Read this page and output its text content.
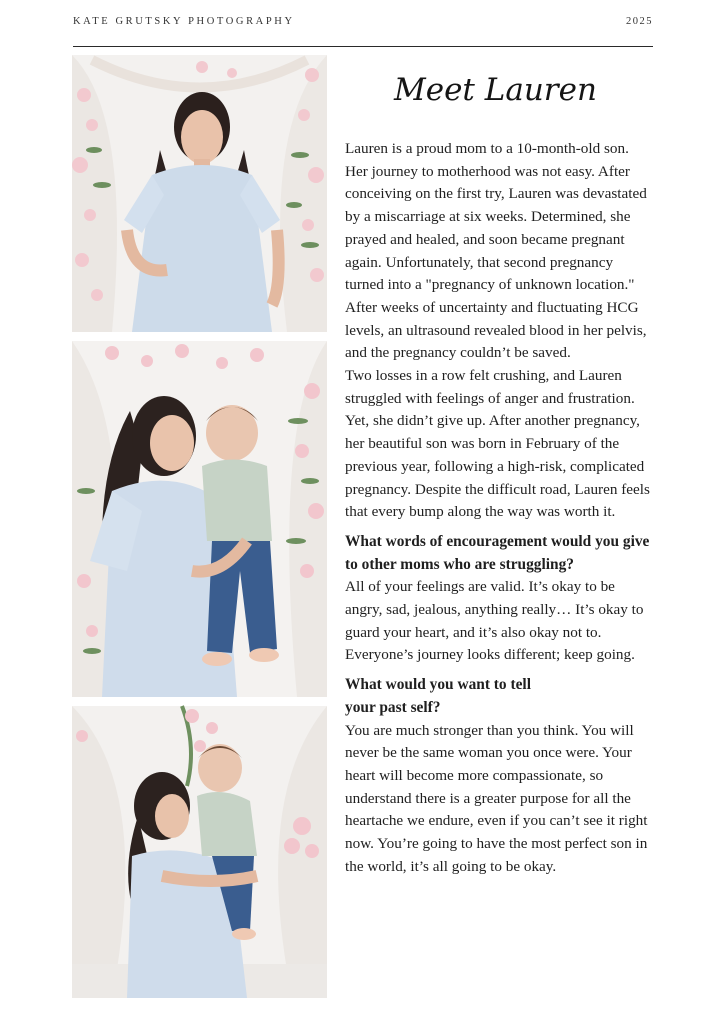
KATE GRUTSKY PHOTOGRAPHY	2025
Meet Lauren

Lauren is a proud mom to a 10-month-old son.

Her journey to motherhood was not easy. After conceiving on the first try, Lauren was devastated by a miscarriage at six weeks. Determined, she prayed and healed, and soon became pregnant again. Unfortunately, that second pregnancy turned into a "pregnancy of unknown location." After weeks of uncertainty and fluctuating HCG levels, an ultrasound revealed blood in her pelvis, and the pregnancy couldn’t be saved.

Two losses in a row felt crushing, and Lauren struggled with feelings of anger and frustration. Yet, she didn’t give up. After another pregnancy, her beautiful son was born in February of the previous year, following a high-risk, complicated pregnancy. Despite the difficult road, Lauren feels that every bump along the way was worth it.

What words of encouragement would you give to other moms who are struggling?

All of your feelings are valid. It’s okay to be angry, sad, jealous, anything really… It’s okay to guard your heart, and it’s also okay not to. Everyone’s journey looks different; keep going.

What would you want to tell
your past self?

You are much stronger than you think. You will never be the same woman you once were. Your heart will become more compassionate, so understand there is a greater purpose for all the heartache we endure, even if you can’t see it right now. You’re going to have the most perfect son in the world, it’s all going to be okay.
